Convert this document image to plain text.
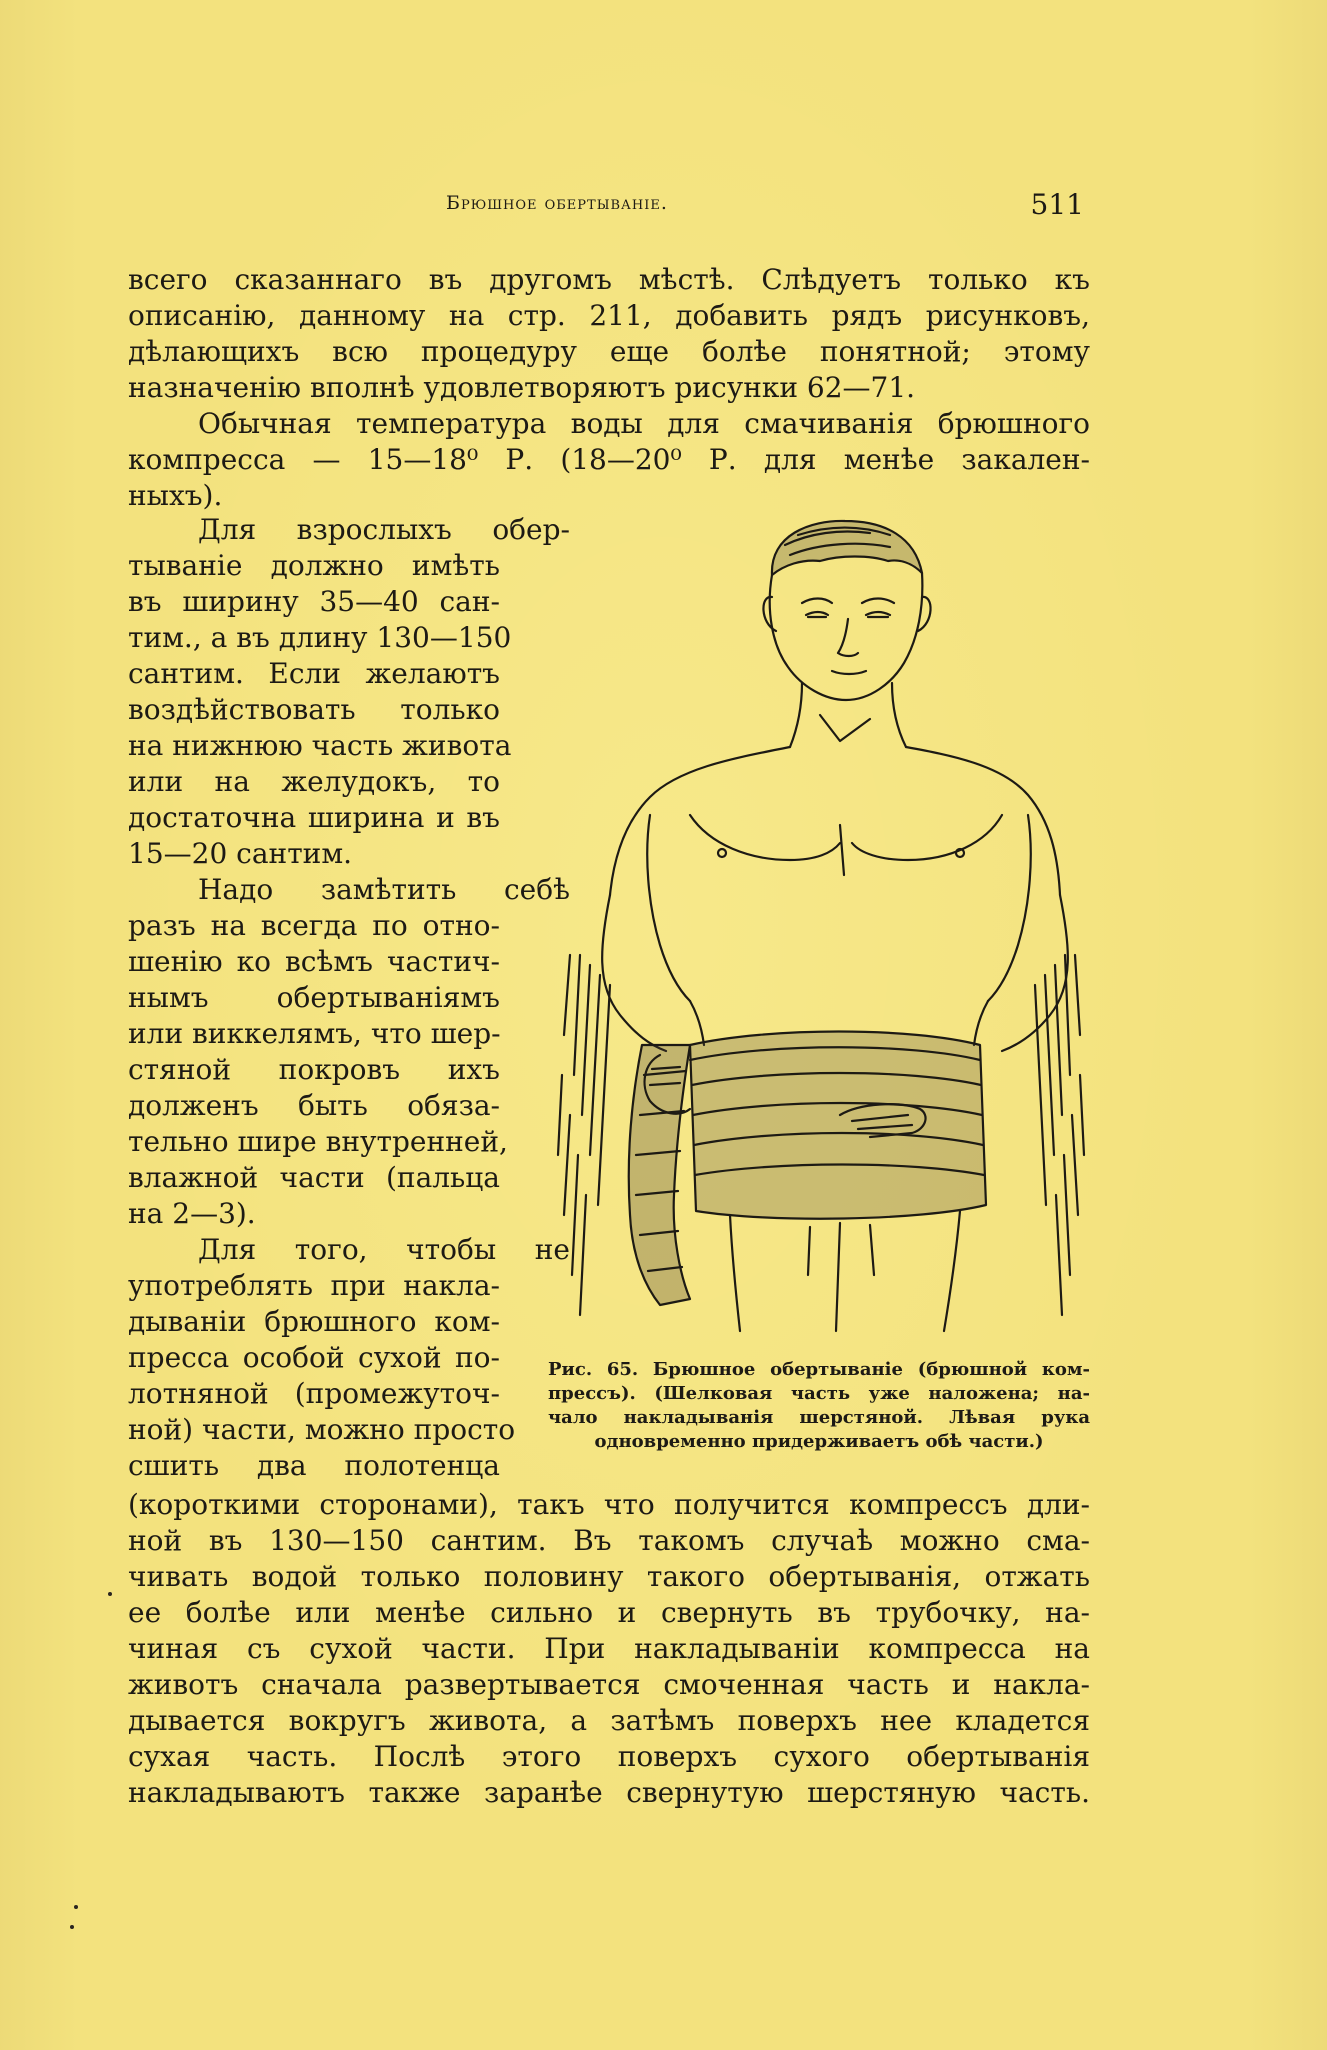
Брюшное обертыванiе.	511
всего сказаннаго въ другомъ мѣстѣ. Слѣдуетъ только къ
описанiю, данному на стр. 211, добавить рядъ рисунковъ,
дѣлающихъ всю процедуру еще болѣе понятной; этому
назначенiю вполнѣ удовлетворяютъ рисунки 62—71.
Обычная температура воды для смачиванiя брюшного
компресса — 15—18⁰ Р. (18—20⁰ Р. для менѣе закален-
ныхъ).
Для взрослыхъ обер-
тыванiе должно имѣть
въ ширину 35—40 сан-
тим., а въ длину 130—150
сантим. Если желаютъ
воздѣйствовать только
на нижнюю часть живота
или на желудокъ, то
достаточна ширина и въ
15—20 сантим.
Надо замѣтить себѣ
разъ на всегда по отно-
шенiю ко всѣмъ частич-
нымъ обертыванiямъ
или виккелямъ, что шер-
стяной покровъ ихъ
долженъ быть обяза-
тельно шире внутренней,
влажной части (пальца
на 2—3).
Для того, чтобы не
употреблять при накла-
дыванiи брюшного ком-
пресса особой сухой по-
лотняной (промежуточ-
ной) части, можно просто
сшить два полотенца
Рис. 65. Брюшное обертыванiе (брюшной ком-
прессъ). (Шелковая часть уже наложена; на-
чало накладыванiя шерстяной. Лѣвая рука
одновременно придерживаетъ обѣ части.)
(короткими сторонами), такъ что получится компрессъ дли-
ной въ 130—150 сантим. Въ такомъ случаѣ можно сма-
чивать водой только половину такого обертыванiя, отжать
ее болѣе или менѣе сильно и свернуть въ трубочку, на-
чиная съ сухой части. При накладыванiи компресса на
животъ сначала развертывается смоченная часть и накла-
дывается вокругъ живота, а затѣмъ поверхъ нее кладется
сухая часть. Послѣ этого поверхъ сухого обертыванiя
накладываютъ также заранѣе свернутую шерстяную часть.
